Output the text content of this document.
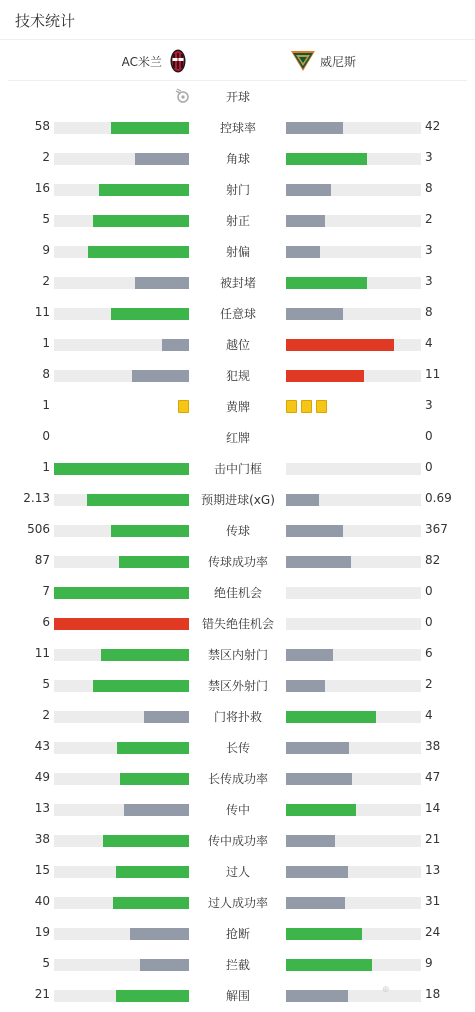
技术统计
AC米兰	威尼斯
开球
58	控球率	42
2	角球	3
16	射门	8
5	射正	2
9	射偏	3
2	被封堵	3
11	任意球	8
1	越位	4
8	犯规	11
1	黄牌	3
0	红牌	0
1	击中门框	0
2.13	预期进球(xG)	0.69
506	传球	367
87	传球成功率	82
7	绝佳机会	0
6	错失绝佳机会	0
11	禁区内射门	6
5	禁区外射门	2
2	门将扑救	4
43	长传	38
49	长传成功率	47
13	传中	14
38	传中成功率	21
15	过人	13
40	过人成功率	31
19	抢断	24
5	拦截	9
21	解围	18
⊕
